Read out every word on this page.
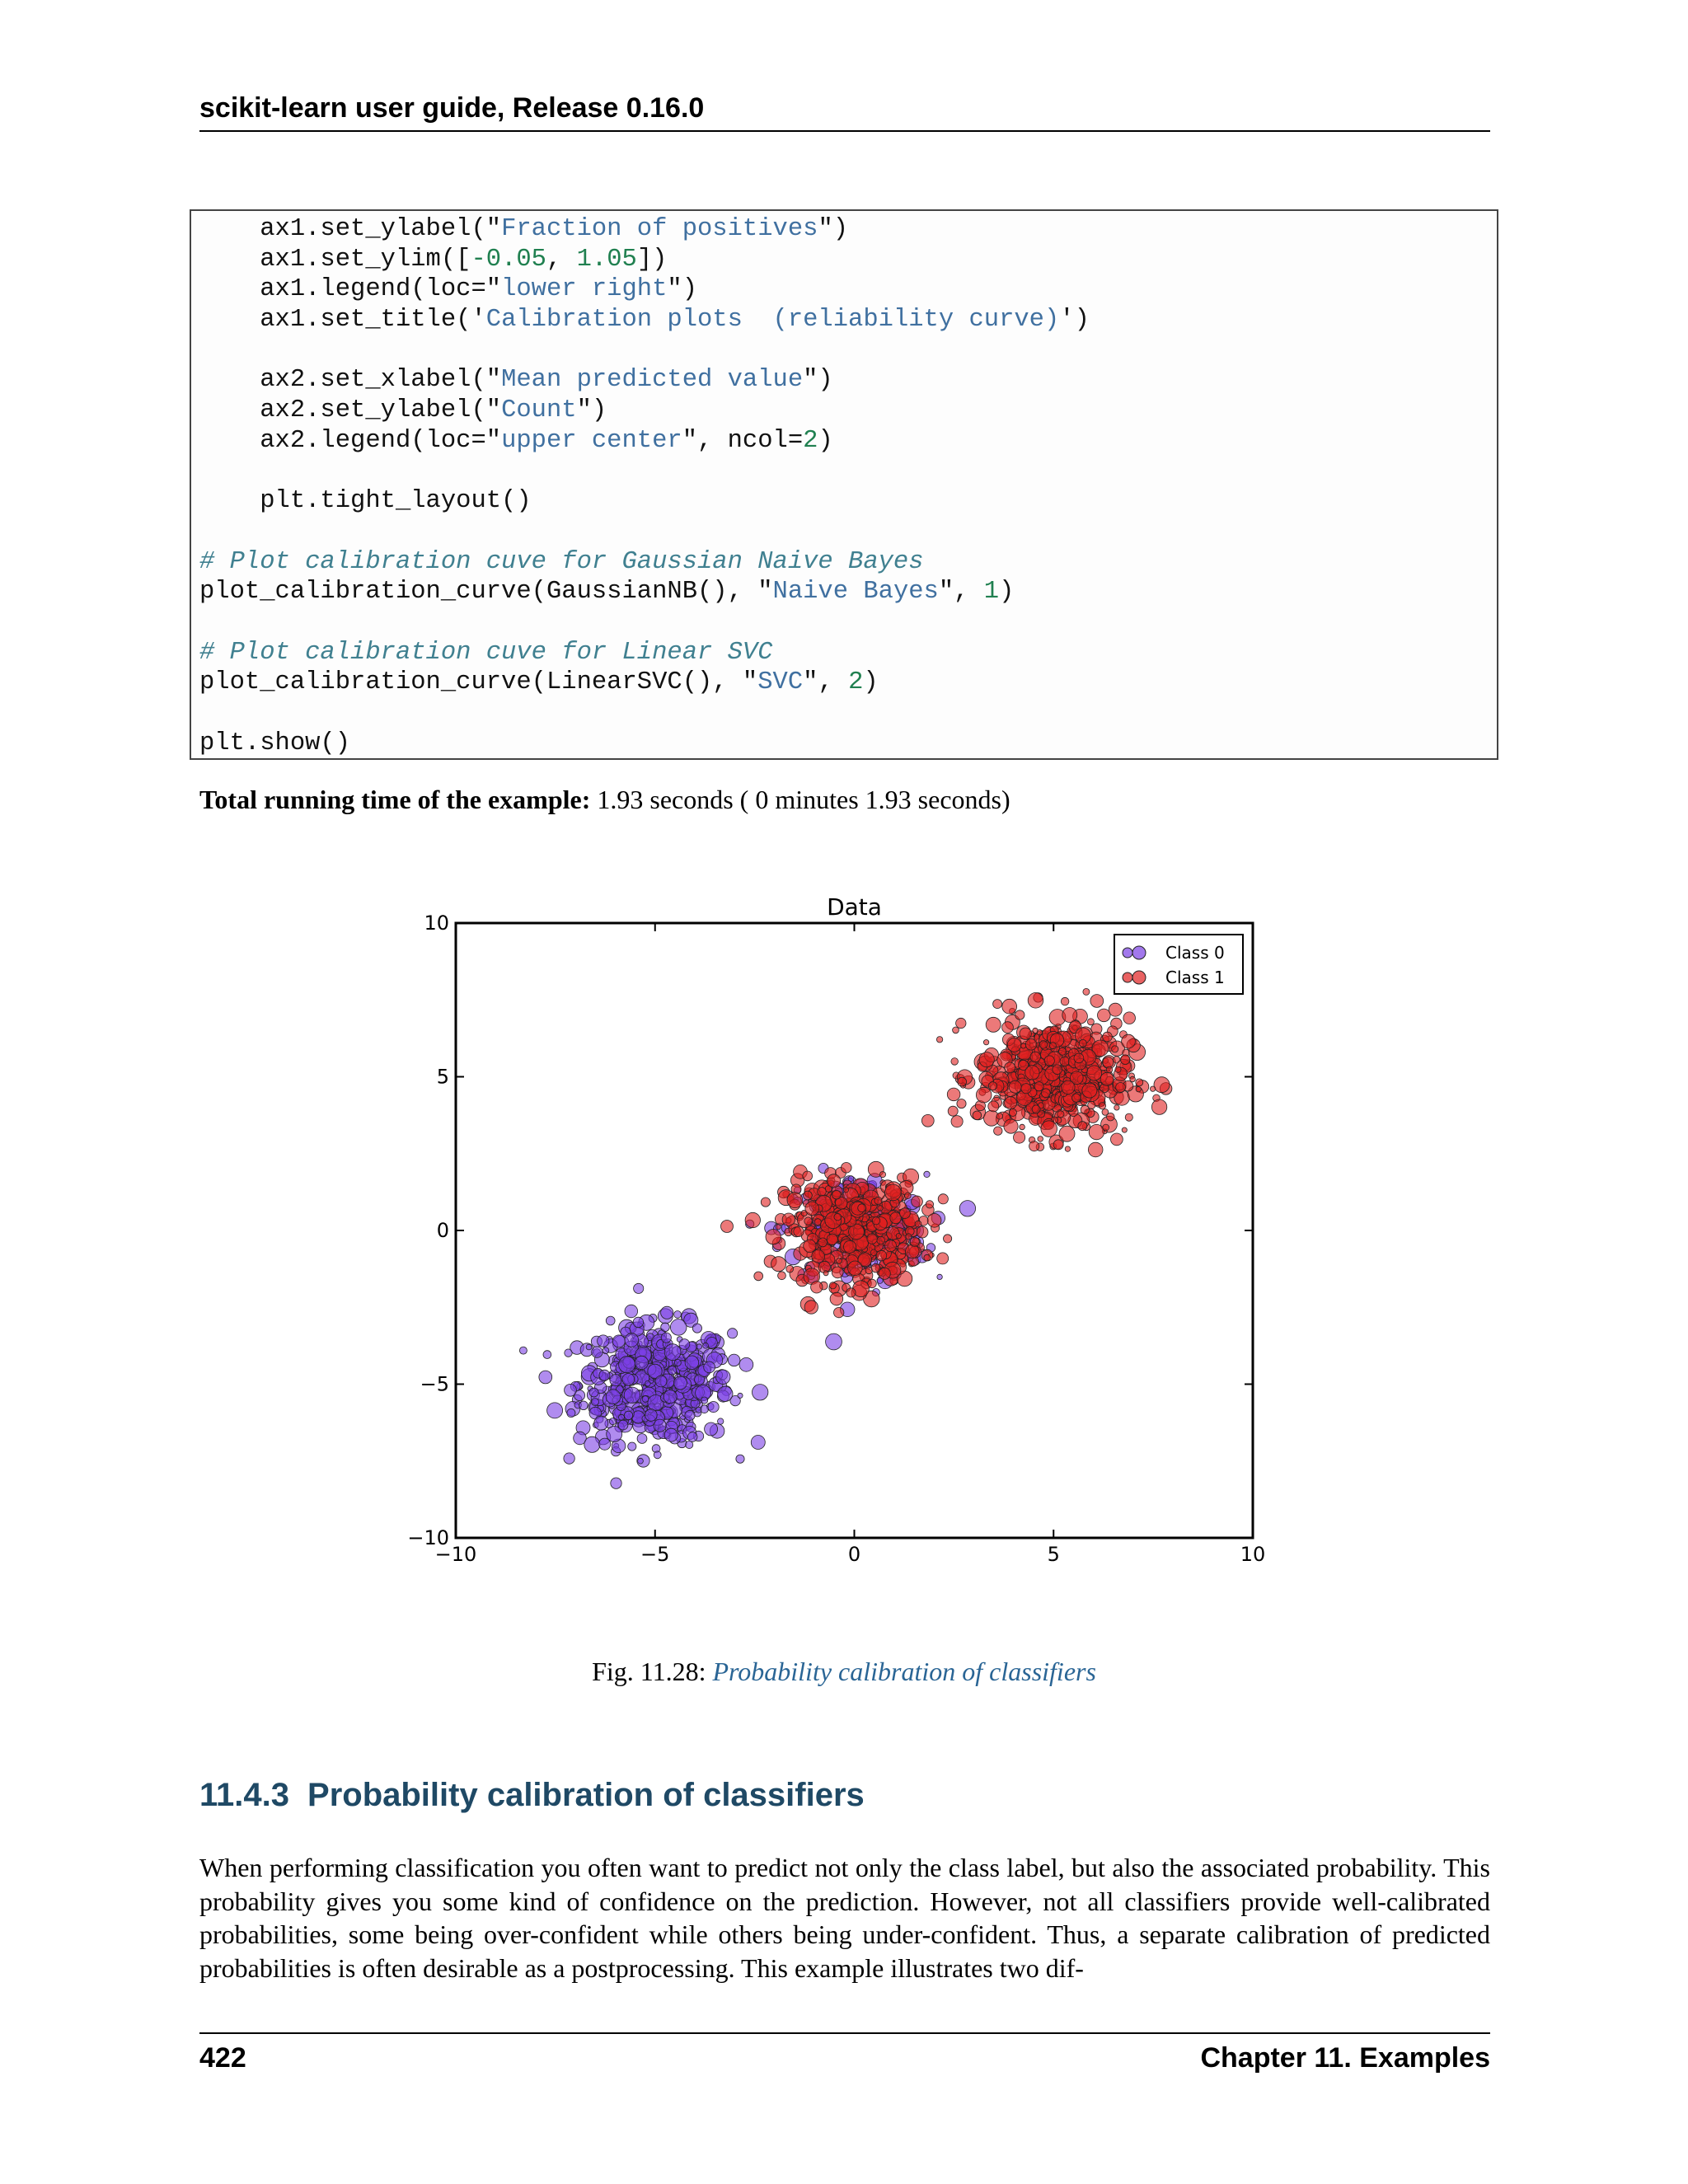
scikit-learn user guide, Release 0.16.0
ax1.set_ylabel("Fraction of positives")
ax1.set_ylim([-0.05, 1.05])
ax1.legend(loc="lower right")
ax1.set_title('Calibration plots  (reliability curve)')
ax2.set_xlabel("Mean predicted value")
ax2.set_ylabel("Count")
ax2.legend(loc="upper center", ncol=2)
plt.tight_layout()
# Plot calibration cuve for Gaussian Naive Bayes
plot_calibration_curve(GaussianNB(), "Naive Bayes", 1)
# Plot calibration cuve for Linear SVC
plot_calibration_curve(LinearSVC(), "SVC", 2)
plt.show()
Total running time of the example: 1.93 seconds ( 0 minutes 1.93 seconds)
−10	−5	0	5	10
−10
−5
0
5
10
Data
Class 0
Class 1
Fig. 11.28: Probability calibration of classifiers
11.4.3 Probability calibration of classifiers
When performing classification you often want to predict not only the class label, but also the associated probability. This probability gives you some kind of confidence on the prediction. However, not all classifiers provide well-calibrated probabilities, some being over-confident while others being under-confident. Thus, a separate calibration of predicted probabilities is often desirable as a postprocessing. This example illustrates two dif-
422	Chapter 11. Examples
